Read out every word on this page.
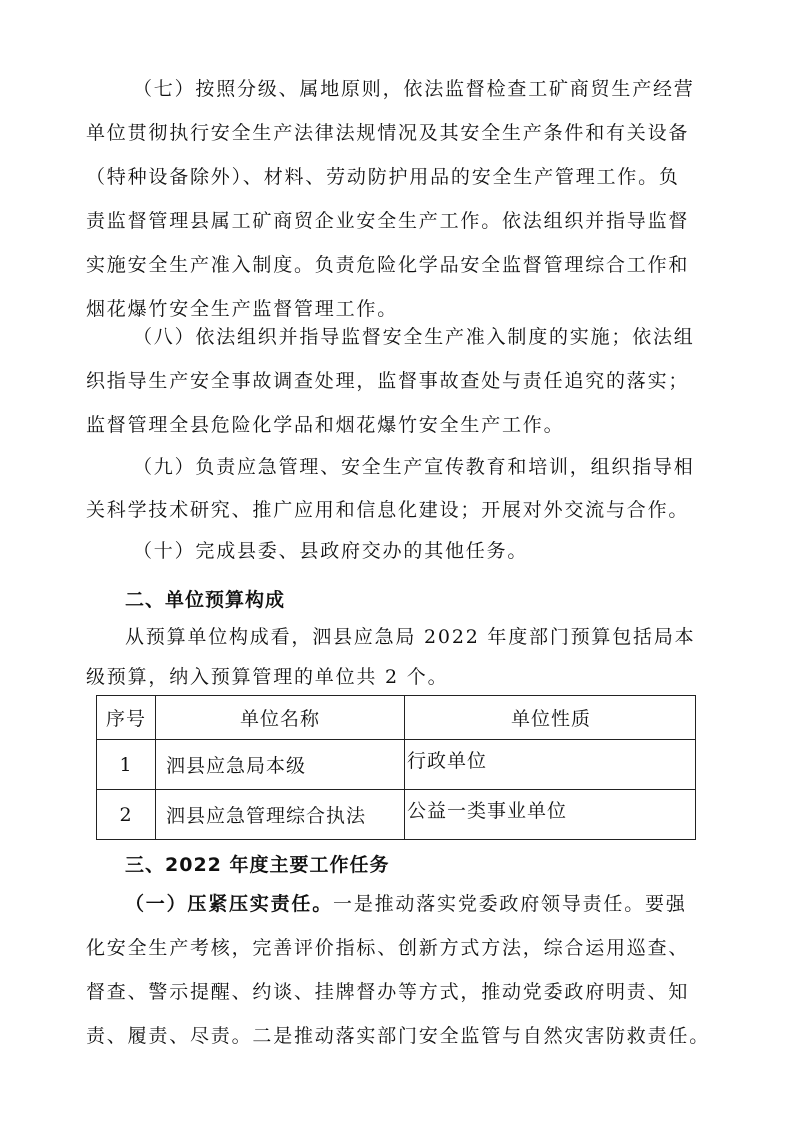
（七）按照分级、属地原则，依法监督检查工矿商贸生产经营
单位贯彻执行安全生产法律法规情况及其安全生产条件和有关设备
（特种设备除外）、材料、劳动防护用品的安全生产管理工作。负
责监督管理县属工矿商贸企业安全生产工作。依法组织并指导监督
实施安全生产准入制度。负责危险化学品安全监督管理综合工作和
烟花爆竹安全生产监督管理工作。
（八）依法组织并指导监督安全生产准入制度的实施；依法组
织指导生产安全事故调查处理，监督事故查处与责任追究的落实；
监督管理全县危险化学品和烟花爆竹安全生产工作。
（九）负责应急管理、安全生产宣传教育和培训，组织指导相
关科学技术研究、推广应用和信息化建设；开展对外交流与合作。
（十）完成县委、县政府交办的其他任务。
二、单位预算构成
从预算单位构成看，泗县应急局 2022 年度部门预算包括局本
级预算，纳入预算管理的单位共 2 个。
序号	单位名称	单位性质
1	泗县应急局本级	行政单位
2	泗县应急管理综合执法	公益一类事业单位
三、2022 年度主要工作任务
（一）压紧压实责任。一是推动落实党委政府领导责任。要强
化安全生产考核，完善评价指标、创新方式方法，综合运用巡查、
督查、警示提醒、约谈、挂牌督办等方式，推动党委政府明责、知
责、履责、尽责。二是推动落实部门安全监管与自然灾害防救责任。
